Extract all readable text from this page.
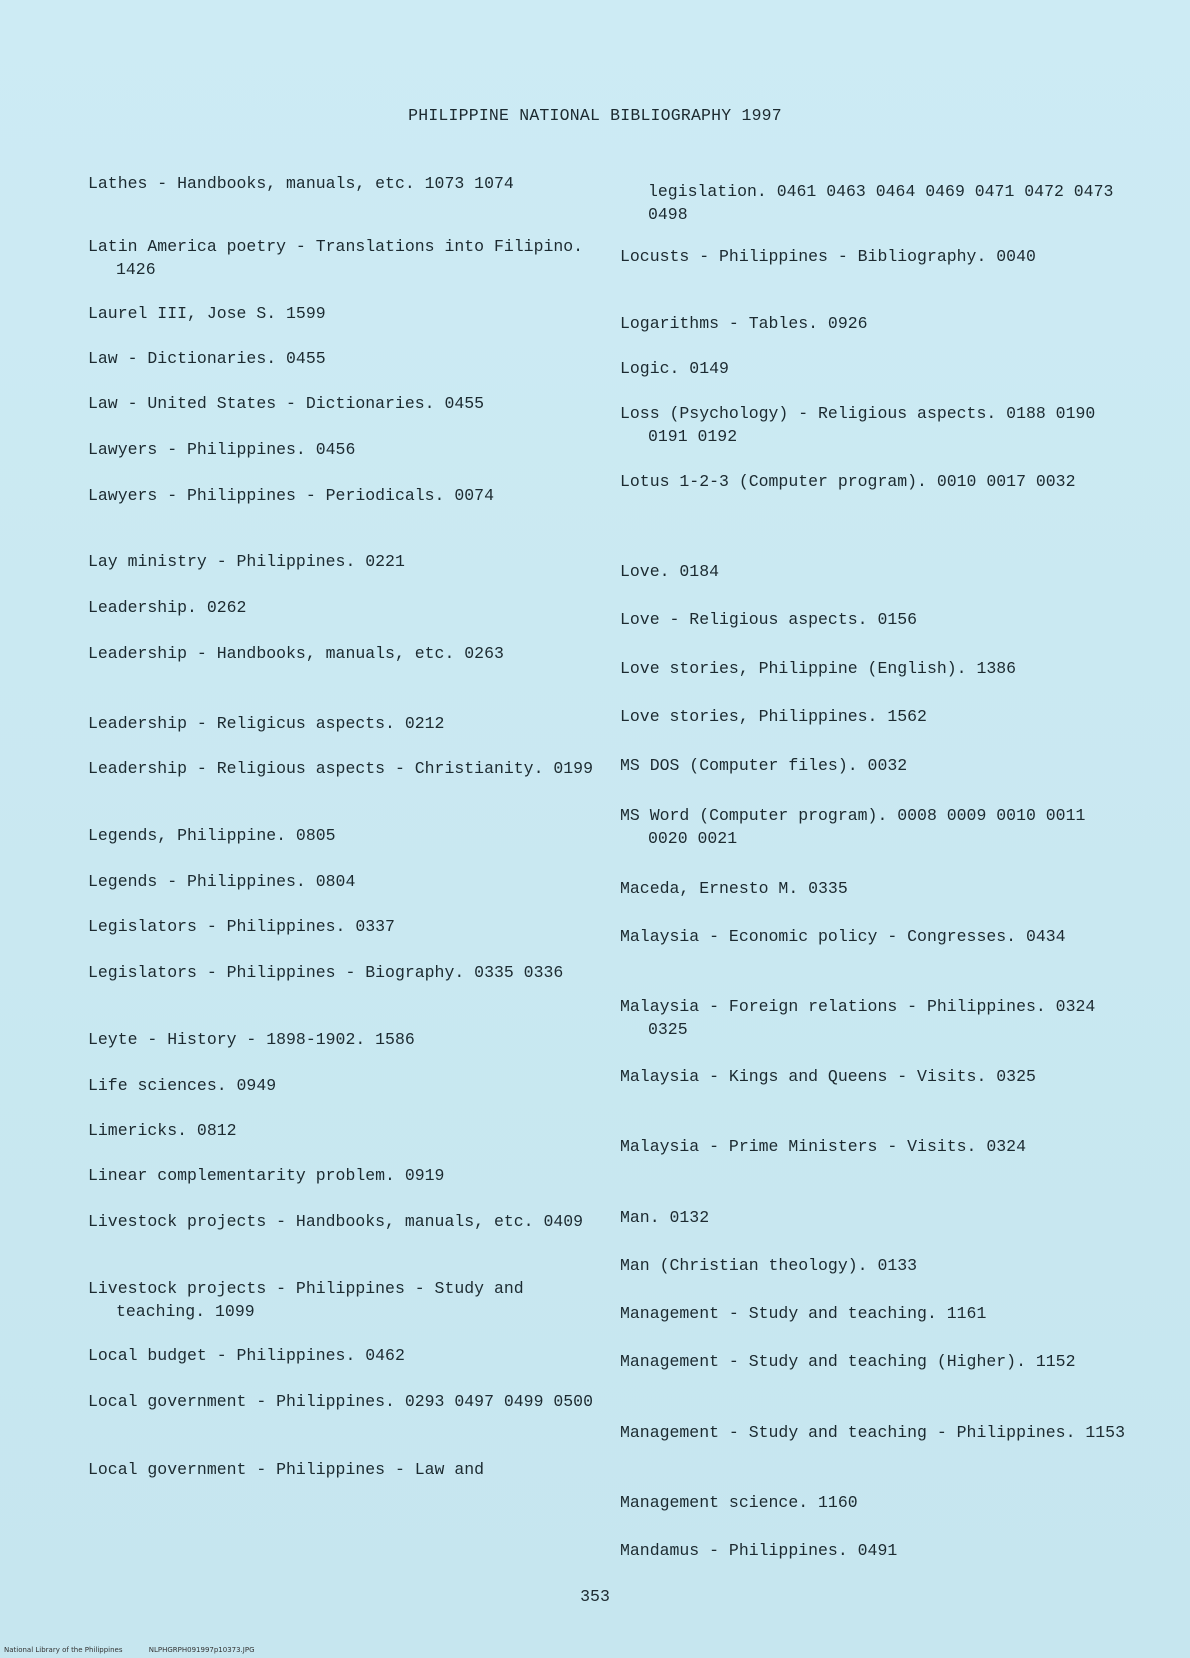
PHILIPPINE NATIONAL BIBLIOGRAPHY 1997
Lathes - Handbooks, manuals, etc. 1073 1074
Latin America poetry - Translations into Filipino. 1426
Laurel III, Jose S. 1599
Law - Dictionaries. 0455
Law - United States - Dictionaries. 0455
Lawyers - Philippines. 0456
Lawyers - Philippines - Periodicals. 0074
Lay ministry - Philippines. 0221
Leadership. 0262
Leadership - Handbooks, manuals, etc. 0263
Leadership - Religicus aspects. 0212
Leadership - Religious aspects - Christianity. 0199
Legends, Philippine. 0805
Legends - Philippines. 0804
Legislators - Philippines. 0337
Legislators - Philippines - Biography. 0335 0336
Leyte - History - 1898-1902. 1586
Life sciences. 0949
Limericks. 0812
Linear complementarity problem. 0919
Livestock projects - Handbooks, manuals, etc. 0409
Livestock projects - Philippines - Study and teaching. 1099
Local budget - Philippines. 0462
Local government - Philippines. 0293 0497 0499 0500
Local government - Philippines - Law and
legislation. 0461 0463 0464 0469 0471 0472 0473 0498
Locusts - Philippines - Bibliography. 0040
Logarithms - Tables. 0926
Logic. 0149
Loss (Psychology) - Religious aspects. 0188 0190 0191 0192
Lotus 1-2-3 (Computer program). 0010 0017 0032
Love. 0184
Love - Religious aspects. 0156
Love stories, Philippine (English). 1386
Love stories, Philippines. 1562
MS DOS (Computer files). 0032
MS Word (Computer program). 0008 0009 0010 0011 0020 0021
Maceda, Ernesto M. 0335
Malaysia - Economic policy - Congresses. 0434
Malaysia - Foreign relations - Philippines. 0324 0325
Malaysia - Kings and Queens - Visits. 0325
Malaysia - Prime Ministers - Visits. 0324
Man. 0132
Man (Christian theology). 0133
Management - Study and teaching. 1161
Management - Study and teaching (Higher). 1152
Management - Study and teaching - Philippines. 1153
Management science. 1160
Mandamus - Philippines. 0491
353
National Library of the Philippines	NLPHGRPH091997p10373.JPG
